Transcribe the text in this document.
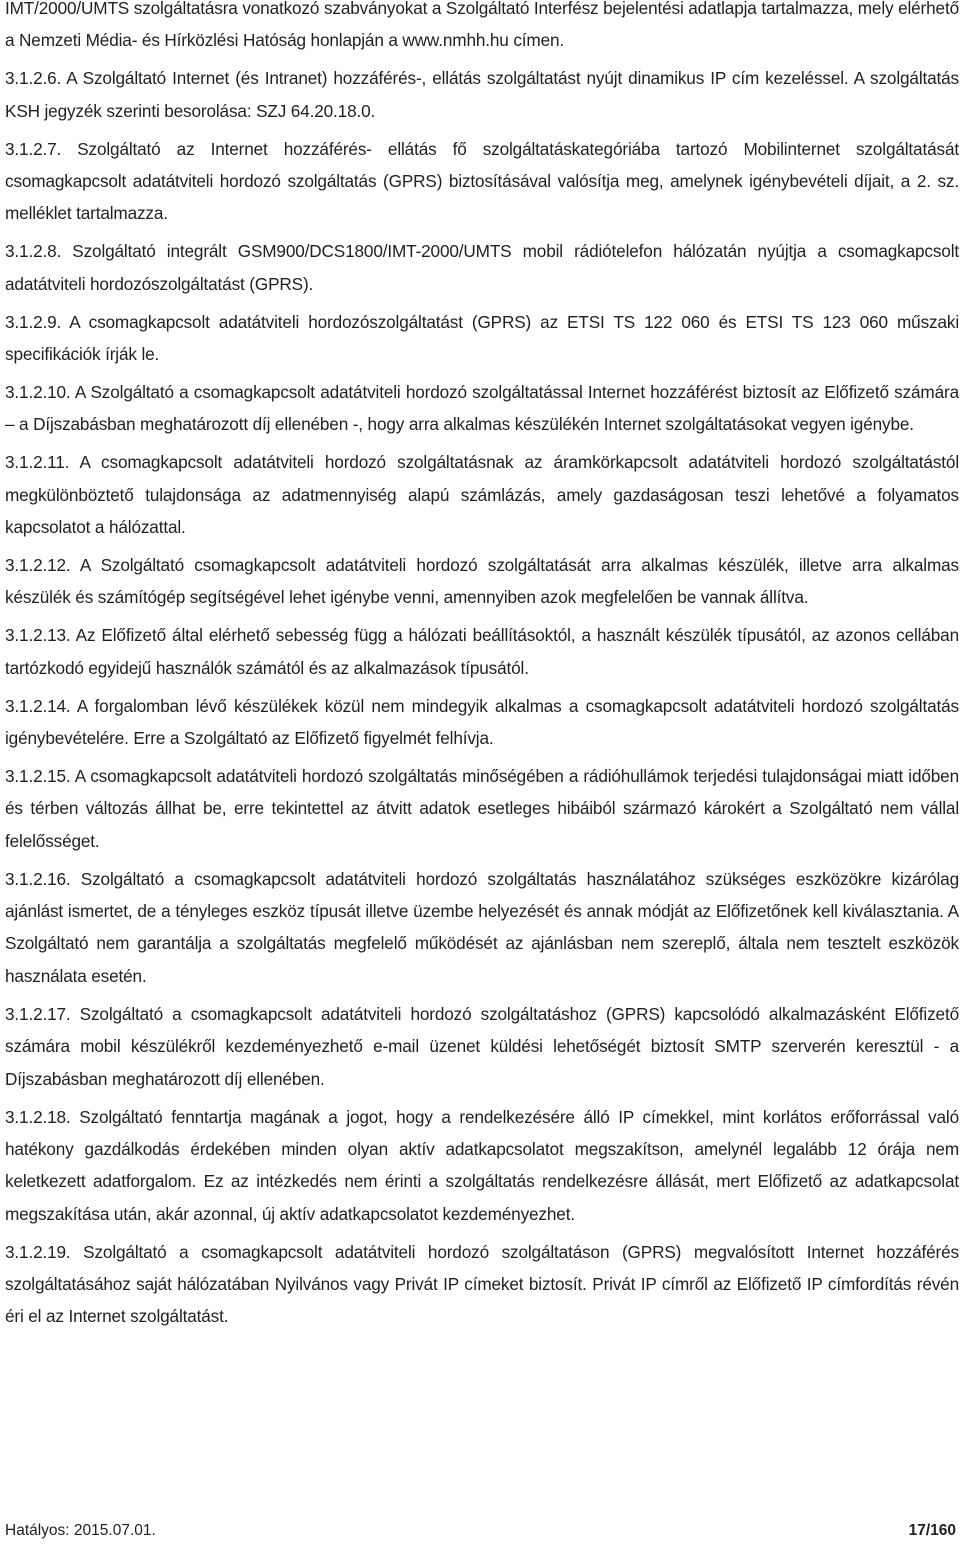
IMT/2000/UMTS szolgáltatásra vonatkozó szabványokat a Szolgáltató Interfész bejelentési adatlapja tartalmazza, mely elérhető a Nemzeti Média- és Hírközlési Hatóság honlapján a www.nmhh.hu címen.

3.1.2.6. A Szolgáltató Internet (és Intranet) hozzáférés-, ellátás szolgáltatást nyújt dinamikus IP cím kezeléssel. A szolgáltatás KSH jegyzék szerinti besorolása: SZJ 64.20.18.0.

3.1.2.7. Szolgáltató az Internet hozzáférés- ellátás fő szolgáltatáskategóriába tartozó Mobilinternet szolgáltatását csomagkapcsolt adatátviteli hordozó szolgáltatás (GPRS) biztosításával valósítja meg, amelynek igénybevételi díjait, a 2. sz. melléklet tartalmazza.

3.1.2.8. Szolgáltató integrált GSM900/DCS1800/IMT-2000/UMTS mobil rádiótelefon hálózatán nyújtja a csomagkapcsolt adatátviteli hordozószolgáltatást (GPRS).

3.1.2.9. A csomagkapcsolt adatátviteli hordozószolgáltatást (GPRS) az ETSI TS 122 060 és ETSI TS 123 060 műszaki specifikációk írják le.

3.1.2.10. A Szolgáltató a csomagkapcsolt adatátviteli hordozó szolgáltatással Internet hozzáférést biztosít az Előfizető számára – a Díjszabásban meghatározott díj ellenében -, hogy arra alkalmas készülékén Internet szolgáltatásokat vegyen igénybe.

3.1.2.11. A csomagkapcsolt adatátviteli hordozó szolgáltatásnak az áramkörkapcsolt adatátviteli hordozó szolgáltatástól megkülönböztető tulajdonsága az adatmennyiség alapú számlázás, amely gazdaságosan teszi lehetővé a folyamatos kapcsolatot a hálózattal.

3.1.2.12. A Szolgáltató csomagkapcsolt adatátviteli hordozó szolgáltatását arra alkalmas készülék, illetve arra alkalmas készülék és számítógép segítségével lehet igénybe venni, amennyiben azok megfelelően be vannak állítva.

3.1.2.13. Az Előfizető által elérhető sebesség függ a hálózati beállításoktól, a használt készülék típusától, az azonos cellában tartózkodó egyidejű használók számától és az alkalmazások típusától.

3.1.2.14. A forgalomban lévő készülékek közül nem mindegyik alkalmas a csomagkapcsolt adatátviteli hordozó szolgáltatás igénybevételére. Erre a Szolgáltató az Előfizető figyelmét felhívja.

3.1.2.15. A csomagkapcsolt adatátviteli hordozó szolgáltatás minőségében a rádióhullámok terjedési tulajdonságai miatt időben és térben változás állhat be, erre tekintettel az átvitt adatok esetleges hibáiból származó károkért a Szolgáltató nem vállal felelősséget.

3.1.2.16. Szolgáltató a csomagkapcsolt adatátviteli hordozó szolgáltatás használatához szükséges eszközökre kizárólag ajánlást ismertet, de a tényleges eszköz típusát illetve üzembe helyezését és annak módját az Előfizetőnek kell kiválasztania. A Szolgáltató nem garantálja a szolgáltatás megfelelő működését az ajánlásban nem szereplő, általa nem tesztelt eszközök használata esetén.

3.1.2.17. Szolgáltató a csomagkapcsolt adatátviteli hordozó szolgáltatáshoz (GPRS) kapcsolódó alkalmazásként Előfizető számára mobil készülékről kezdeményezhető e-mail üzenet küldési lehetőségét biztosít SMTP szerverén keresztül - a Díjszabásban meghatározott díj ellenében.

3.1.2.18. Szolgáltató fenntartja magának a jogot, hogy a rendelkezésére álló IP címekkel, mint korlátos erőforrással való hatékony gazdálkodás érdekében minden olyan aktív adatkapcsolatot megszakítson, amelynél legalább 12 órája nem keletkezett adatforgalom. Ez az intézkedés nem érinti a szolgáltatás rendelkezésre állását, mert Előfizető az adatkapcsolat megszakítása után, akár azonnal, új aktív adatkapcsolatot kezdeményezhet.

3.1.2.19. Szolgáltató a csomagkapcsolt adatátviteli hordozó szolgáltatáson (GPRS) megvalósított Internet hozzáférés szolgáltatásához saját hálózatában Nyilvános vagy Privát IP címeket biztosít. Privát IP címről az Előfizető IP címfordítás révén éri el az Internet szolgáltatást.

Hatályos: 2015.07.01.	17/160
